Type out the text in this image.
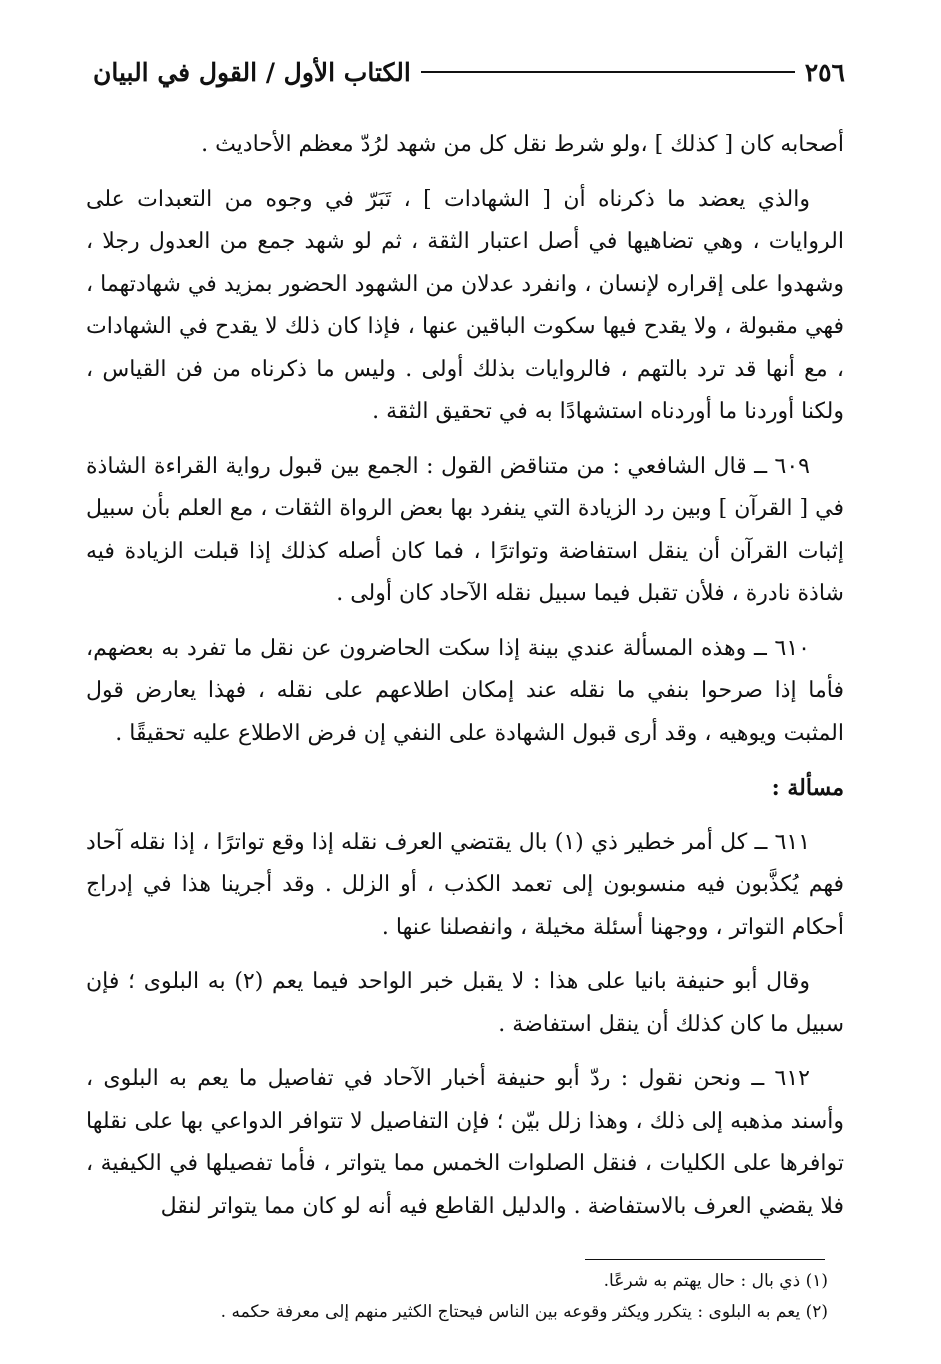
٢٥٦
الكتاب الأول / القول في البيان

أصحابه كان [ كذلك ] ،ولو شرط نقل كل من شهد لرُدّ معظم الأحاديث .

والذي يعضد ما ذكرناه أن [ الشهادات ] ، تَبَرّ في وجوه من التعبدات على الروايات ، وهي تضاهيها في أصل اعتبار الثقة ، ثم لو شهد جمع من العدول رجلا ، وشهدوا على إقراره لإنسان ، وانفرد عدلان من الشهود الحضور بمزيد في شهادتهما ، فهي مقبولة ، ولا يقدح فيها سكوت الباقين عنها ، فإذا كان ذلك لا يقدح في الشهادات ، مع أنها قد ترد بالتهم ، فالروايات بذلك أولى . وليس ما ذكرناه من فن القياس ، ولكنا أوردنا ما أوردناه استشهادًا به في تحقيق الثقة .

٦٠٩ ــ قال الشافعي : من متناقض القول : الجمع بين قبول رواية القراءة الشاذة في [ القرآن ] وبين رد الزيادة التي ينفرد بها بعض الرواة الثقات ، مع العلم بأن سبيل إثبات القرآن أن ينقل استفاضة وتواترًا ، فما كان أصله كذلك إذا قبلت الزيادة فيه شاذة نادرة ، فلأن تقبل فيما سبيل نقله الآحاد كان أولى .

٦١٠ ــ وهذه المسألة عندي بينة إذا سكت الحاضرون عن نقل ما تفرد به بعضهم، فأما إذا صرحوا بنفي ما نقله عند إمكان اطلاعهم على نقله ، فهذا يعارض قول المثبت ويوهيه ، وقد أرى قبول الشهادة على النفي إن فرض الاطلاع عليه تحقيقًا .

مسألة :

٦١١ ــ كل أمر خطير ذي (١) بال يقتضي العرف نقله إذا وقع تواترًا ، إذا نقله آحاد فهم يُكذَّبون فيه منسوبون إلى تعمد الكذب ، أو الزلل . وقد أجرينا هذا في إدراج أحكام التواتر ، ووجهنا أسئلة مخيلة ، وانفصلنا عنها .

وقال أبو حنيفة بانيا على هذا : لا يقبل خبر الواحد فيما يعم (٢) به البلوى ؛ فإن سبيل ما كان كذلك أن ينقل استفاضة .

٦١٢ ــ ونحن نقول : ردّ أبو حنيفة أخبار الآحاد في تفاصيل ما يعم به البلوى ، وأسند مذهبه إلى ذلك ، وهذا زلل بيّن ؛ فإن التفاصيل لا تتوافر الدواعي بها على نقلها توافرها على الكليات ، فنقل الصلوات الخمس مما يتواتر ، فأما تفصيلها في الكيفية ، فلا يقضي العرف بالاستفاضة . والدليل القاطع فيه أنه لو كان مما يتواتر لنقل

(١) ذي بال : حال يهتم به شرعًا.

(٢) يعم به البلوى : يتكرر ويكثر وقوعه بين الناس فيحتاج الكثير منهم إلى معرفة حكمه .
